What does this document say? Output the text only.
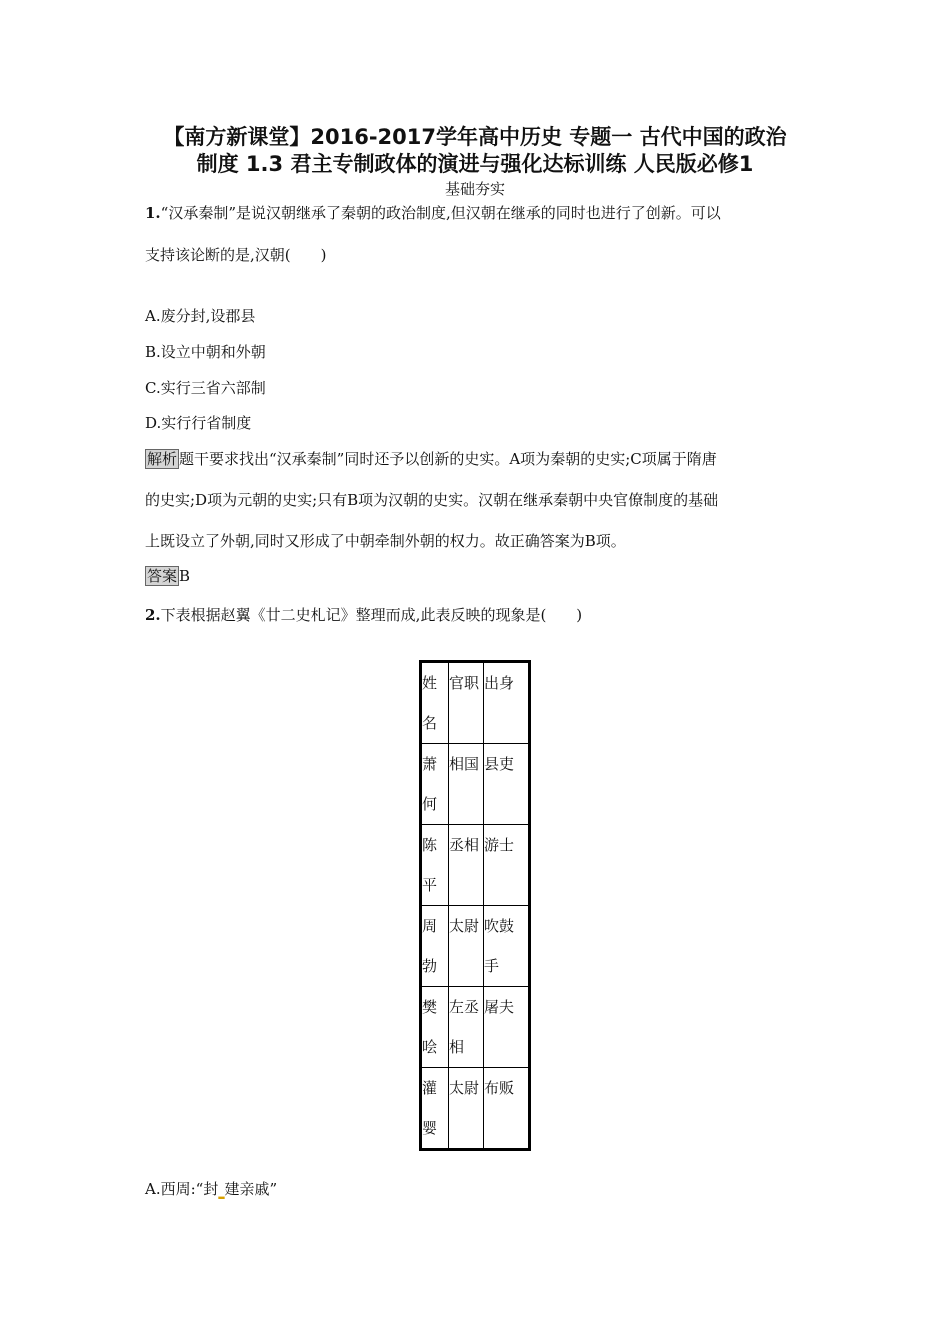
【南方新课堂】2016-2017学年高中历史 专题一 古代中国的政治
制度 1.3 君主专制政体的演进与强化达标训练 人民版必修1
基础夯实
1.“汉承秦制”是说汉朝继承了秦朝的政治制度,但汉朝在继承的同时也进行了创新。可以
支持该论断的是,汉朝(　　)
A.废分封,设郡县
B.设立中朝和外朝
C.实行三省六部制
D.实行行省制度
解析 题干要求找出“汉承秦制”同时还予以创新的史实。A项为秦朝的史实;C项属于隋唐
的史实;D项为元朝的史实;只有B项为汉朝的史实。汉朝在继承秦朝中央官僚制度的基础
上既设立了外朝,同时又形成了中朝牵制外朝的权力。故正确答案为B项。
答案 B
2.下表根据赵翼《廿二史札记》整理而成,此表反映的现象是(　　)
姓名	官职	出身
萧何	相国	县吏
陈平	丞相	游士
周勃	太尉	吹鼓手
樊哙	左丞相	屠夫
灌婴	太尉	布贩
A.西周:“封▂建亲戚”
